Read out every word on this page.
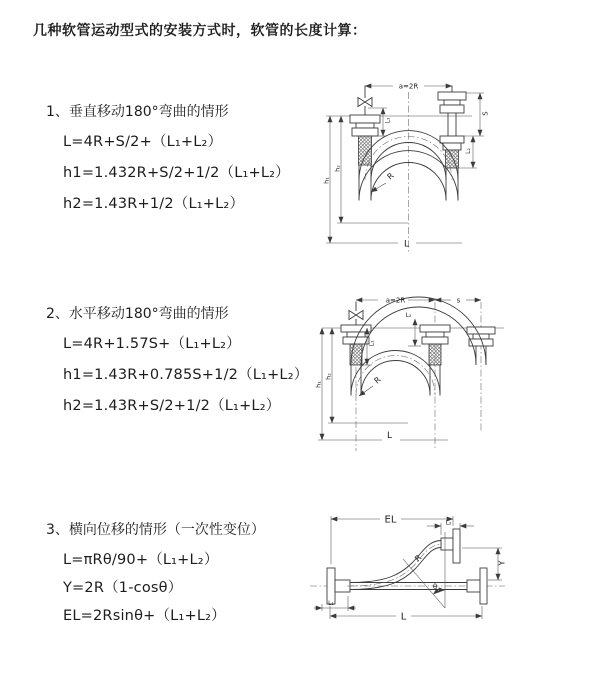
几种软管运动型式的安装方式时，软管的长度计算：
1、垂直移动180°弯曲的情形
L=4R+S/2+（L₁+L₂）
h1=1.432R+S/2+1/2（L₁+L₂）
h2=1.43R+1/2（L₁+L₂）
2、水平移动180°弯曲的情形
L=4R+1.57S+（L₁+L₂）
h1=1.43R+0.785S+1/2（L₁+L₂）
h2=1.43R+S/2+1/2（L₁+L₂）
3、横向位移的情形（一次性变位）
L=πRθ/90+（L₁+L₂）
Y=2R（1-cosθ）
EL=2Rsinθ+（L₁+L₂）
a=2R
S
L₂
L₁
h₁
h₂
R
L
a=2R	s
h₁
h₂
L₁
L₂
R
L
EL	L₂
Y
θ
R
L₁
L
